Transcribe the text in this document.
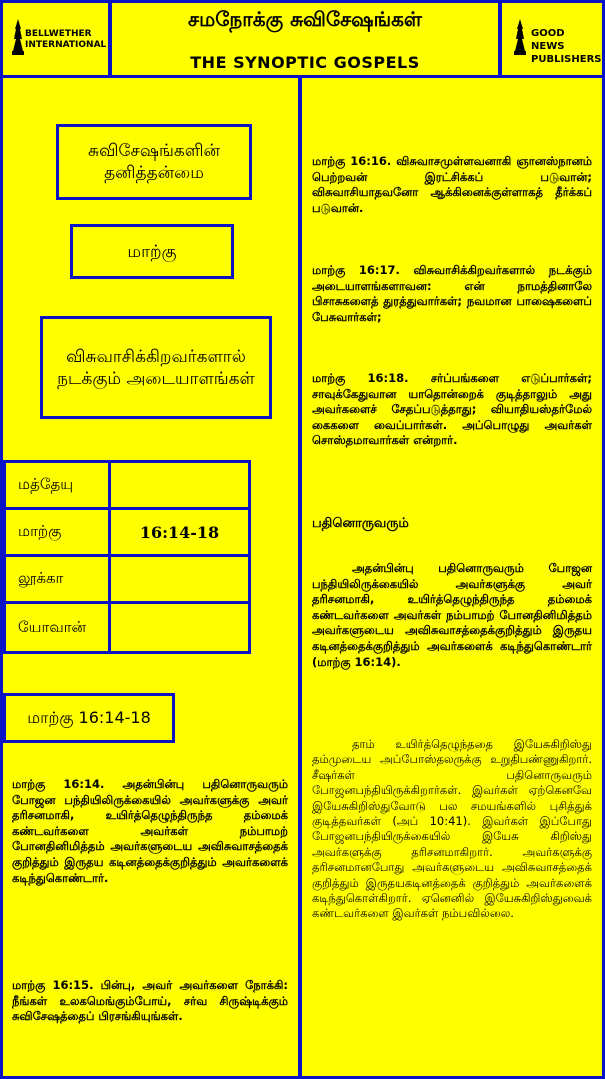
BELLWETHER
INTERNATIONAL
சமநோக்கு சுவிசேஷங்கள்
THE SYNOPTIC GOSPELS
GOOD NEWS
PUBLISHERS
சுவிசேஷங்களின் தனித்தன்மை
மாற்கு
விசுவாசிக்கிறவர்களால் நடக்கும் அடையாளங்கள்
மத்தேயு
மாற்கு	16:14-18
லூக்கா
யோவான்
மாற்கு 16:14-18
மாற்கு 16:14. அதன்பின்பு பதினொருவரும் போஜன பந்தியிலிருக்கையில் அவர்களுக்கு அவர் தரிசனமாகி, உயிர்த்தெழுந்திருந்த தம்மைக் கண்டவர்களை அவர்கள் நம்பாமற் போனதினிமித்தம் அவர்களுடைய அவிசுவாசத்தைக் குறித்தும் இருதய கடினத்தைக்குறித்தும் அவர்களைக் கடிந்துகொண்டார்.
மாற்கு 16:15. பின்பு, அவர் அவர்களை நோக்கி: நீங்கள் உலகமெங்கும்போய், சர்வ சிருஷ்டிக்கும் சுவிசேஷத்தைப் பிரசங்கியுங்கள்.
மாற்கு 16:16. விசுவாசமுள்ளவனாகி ஞானஸ்நானம் பெற்றவன் இரட்சிக்கப் படுவான்; விசுவாசியாதவனோ ஆக்கினைக்குள்ளாகத் தீர்க்கப் படுவான்.
மாற்கு 16:17. விசுவாசிக்கிறவர்களால் நடக்கும் அடையாளங்களாவன: என் நாமத்தினாலே பிசாசுகளைத் துரத்துவார்கள்; நவமான பாஷைகளைப் பேசுவார்கள்;
மாற்கு 16:18. சர்ப்பங்களை எடுப்பார்கள்; சாவுக்கேதுவான யாதொன்றைக் குடித்தாலும் அது அவர்களைச் சேதப்படுத்தாது; வியாதியஸ்தர்மேல் கைகளை வைப்பார்கள். அப்பொழுது அவர்கள் சொஸ்தமாவார்கள் என்றார்.
பதினொருவரும்
அதன்பின்பு பதினொருவரும் போஜன பந்தியிலிருக்கையில் அவர்களுக்கு அவர் தரிசனமாகி, உயிர்த்தெழுந்திருந்த தம்மைக் கண்டவர்களை அவர்கள் நம்பாமற் போனதினிமித்தம் அவர்களுடைய அவிசுவாசத்தைக்குறித்தும் இருதய கடினத்தைக்குறித்தும் அவர்களைக் கடிந்துகொண்டார் (மாற்கு 16:14).
தாம் உயிர்த்தெழுந்ததை இயேசுகிறிஸ்து தம்முடைய அப்போஸ்தலருக்கு உறுதிபண்ணுகிறார். சீஷர்கள் பதினொருவரும் போஜனபந்தியிருக்கிறார்கள். இவர்கள் ஏற்கெனவே இயேசுகிறிஸ்துவோடு பல சமயங்களில் புசித்துக் குடித்தவர்கள் (அப் 10:41). இவர்கள் இப்போது போஜனபந்தியிருக்கையில் இயேசு கிறிஸ்து அவர்களுக்கு தரிசனமாகிறார். அவர்களுக்கு தரிசனமானபோது அவர்களுடைய அவிசுவாசத்தைக் குறித்தும் இருதயகடினத்தைக் குறித்தும் அவர்களைக் கடிந்துகொள்கிறார். ஏனெனில் இயேசுகிறிஸ்துவைக் கண்டவர்களை இவர்கள் நம்பவில்லை.
